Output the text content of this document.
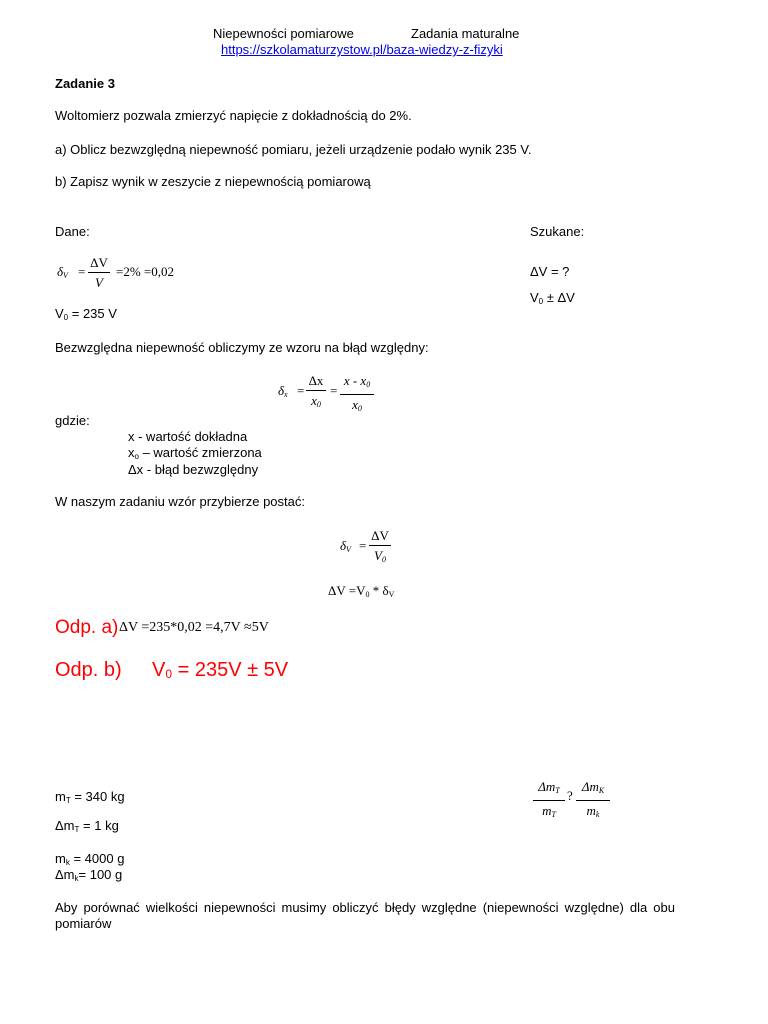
Niepewności pomiarowe	Zadania maturalne
https://szkolamaturzystow.pl/baza-wiedzy-z-fizyki
Zadanie 3
Woltomierz pozwala zmierzyć napięcie z dokładnością do 2%.
a) Oblicz bezwzględną niepewność pomiaru, jeżeli urządzenie podało wynik 235 V.
b) Zapisz wynik w zeszycie z niepewnością pomiarową
Dane:	Szukane:
$\delta_V$ =
ΔV
V
=2% =0,02	ΔV = ?
$V_0 \pm \Delta V$
$V_0 = 235$ V
Bezwzględna niepewność obliczymy ze wzoru na błąd względny:
$\delta_x$ =
Δx
$x_0$
=
x - $x_0$
$x_0$
gdzie:
x - wartość dokładna
$x_o$ – wartość zmierzona
Δx - błąd bezwzględny
W naszym zadaniu wzór przybierze postać:
$\delta_V$ =
ΔV
$V_0$
$\Delta V =V_0 * \delta_V$
Odp. a) ΔV =235*0,02 =4,7V ≈5V
Odp. b) $V_0 = 235V \pm 5V$
$m_T = 340$ kg
$\Delta m_T = 1$ kg
$m_k = 4000$ g
$\Delta m_k= 100$ g
$\Delta m_T$
$m_T$
?
$\Delta m_K$
$m_k$
Aby porównać wielkości niepewności musimy obliczyć błędy względne (niepewności względne) dla obu pomiarów
